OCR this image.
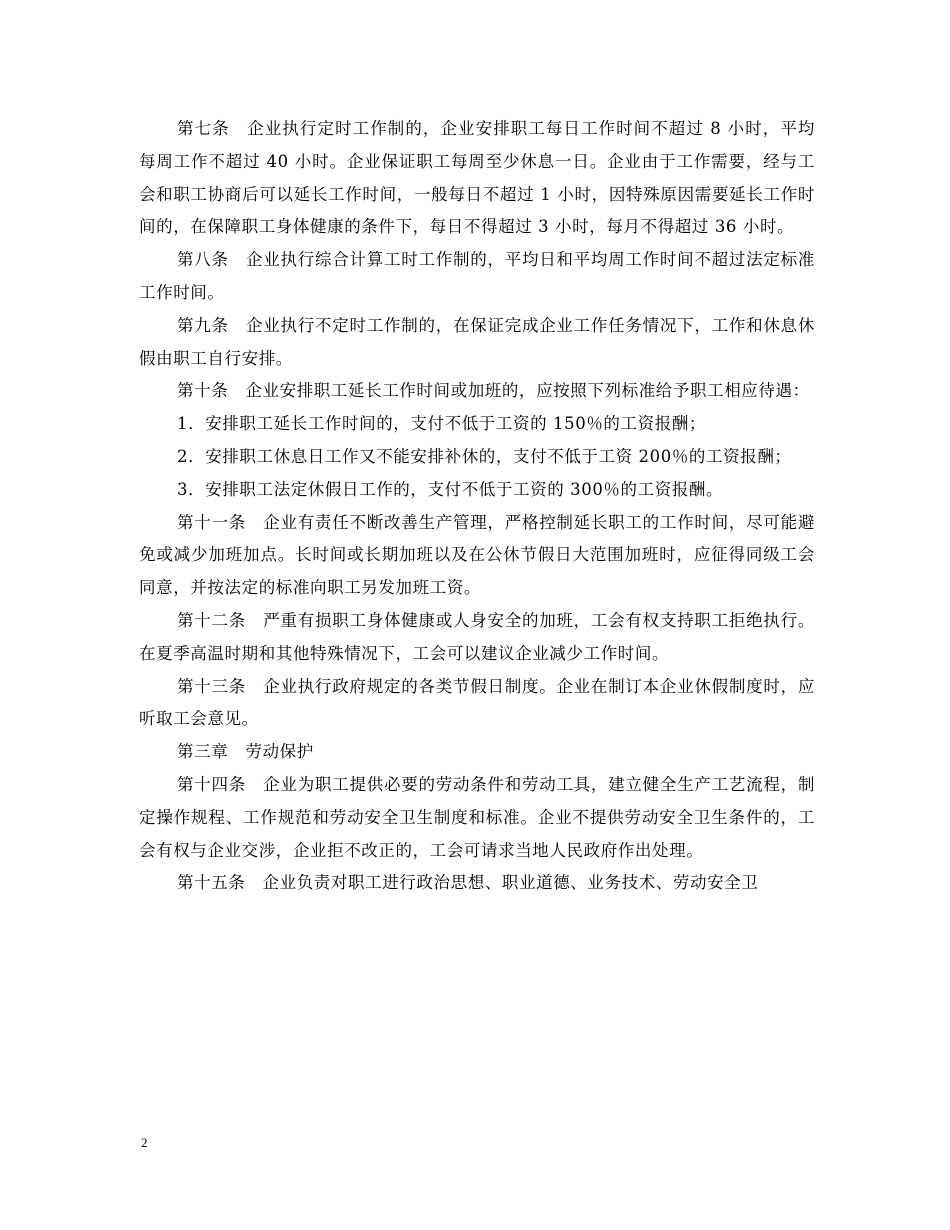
第七条　企业执行定时工作制的，企业安排职工每日工作时间不超过 8 小时，平均每周工作不超过 40 小时。企业保证职工每周至少休息一日。企业由于工作需要，经与工会和职工协商后可以延长工作时间，一般每日不超过 1 小时，因特殊原因需要延长工作时间的，在保障职工身体健康的条件下，每日不得超过 3 小时，每月不得超过 36 小时。

第八条　企业执行综合计算工时工作制的，平均日和平均周工作时间不超过法定标准工作时间。

第九条　企业执行不定时工作制的，在保证完成企业工作任务情况下，工作和休息休假由职工自行安排。

第十条　企业安排职工延长工作时间或加班的，应按照下列标准给予职工相应待遇：

1．安排职工延长工作时间的，支付不低于工资的 150％的工资报酬；

2．安排职工休息日工作又不能安排补休的，支付不低于工资 200％的工资报酬；

3．安排职工法定休假日工作的，支付不低于工资的 300％的工资报酬。

第十一条　企业有责任不断改善生产管理，严格控制延长职工的工作时间，尽可能避免或减少加班加点。长时间或长期加班以及在公休节假日大范围加班时，应征得同级工会同意，并按法定的标准向职工另发加班工资。

第十二条　严重有损职工身体健康或人身安全的加班，工会有权支持职工拒绝执行。在夏季高温时期和其他特殊情况下，工会可以建议企业减少工作时间。

第十三条　企业执行政府规定的各类节假日制度。企业在制订本企业休假制度时，应听取工会意见。

第三章　劳动保护

第十四条　企业为职工提供必要的劳动条件和劳动工具，建立健全生产工艺流程，制定操作规程、工作规范和劳动安全卫生制度和标准。企业不提供劳动安全卫生条件的，工会有权与企业交涉，企业拒不改正的，工会可请求当地人民政府作出处理。

第十五条　企业负责对职工进行政治思想、职业道德、业务技术、劳动安全卫

2
